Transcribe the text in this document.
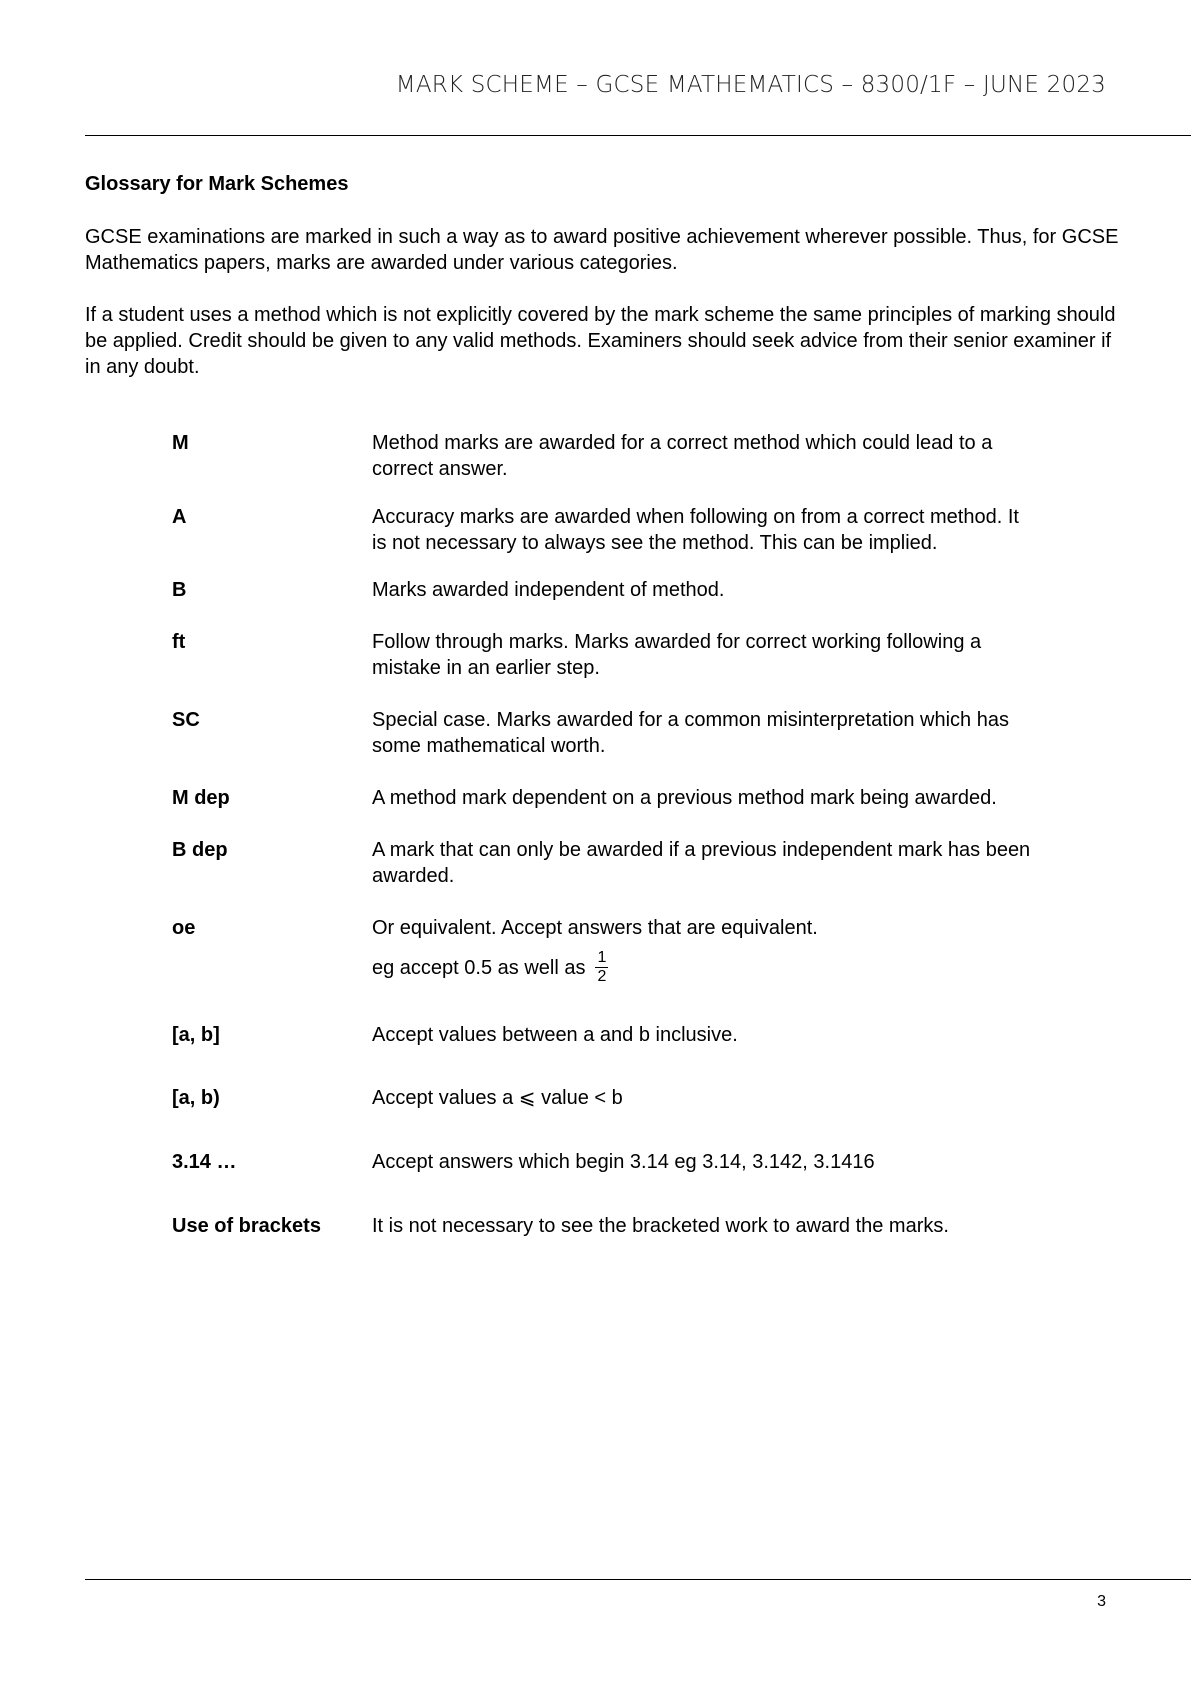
MARK SCHEME – GCSE MATHEMATICS – 8300/1F – JUNE 2023
Glossary for Mark Schemes
GCSE examinations are marked in such a way as to award positive achievement wherever possible. Thus, for GCSE Mathematics papers, marks are awarded under various categories.
If a student uses a method which is not explicitly covered by the mark scheme the same principles of marking should be applied. Credit should be given to any valid methods. Examiners should seek advice from their senior examiner if in any doubt.
M	Method marks are awarded for a correct method which could lead to a correct answer.
A	Accuracy marks are awarded when following on from a correct method. It is not necessary to always see the method. This can be implied.
B	Marks awarded independent of method.
ft	Follow through marks. Marks awarded for correct working following a mistake in an earlier step.
SC	Special case. Marks awarded for a common misinterpretation which has some mathematical worth.
M dep	A method mark dependent on a previous method mark being awarded.
B dep	A mark that can only be awarded if a previous independent mark has been awarded.
oe	Or equivalent. Accept answers that are equivalent.
eg accept 0.5 as well as $\frac{1}{2}$
[a, b]	Accept values between a and b inclusive.
[a, b)	Accept values a ⩽ value < b
3.14 …	Accept answers which begin 3.14 eg 3.14, 3.142, 3.1416
Use of brackets	It is not necessary to see the bracketed work to award the marks.
3
